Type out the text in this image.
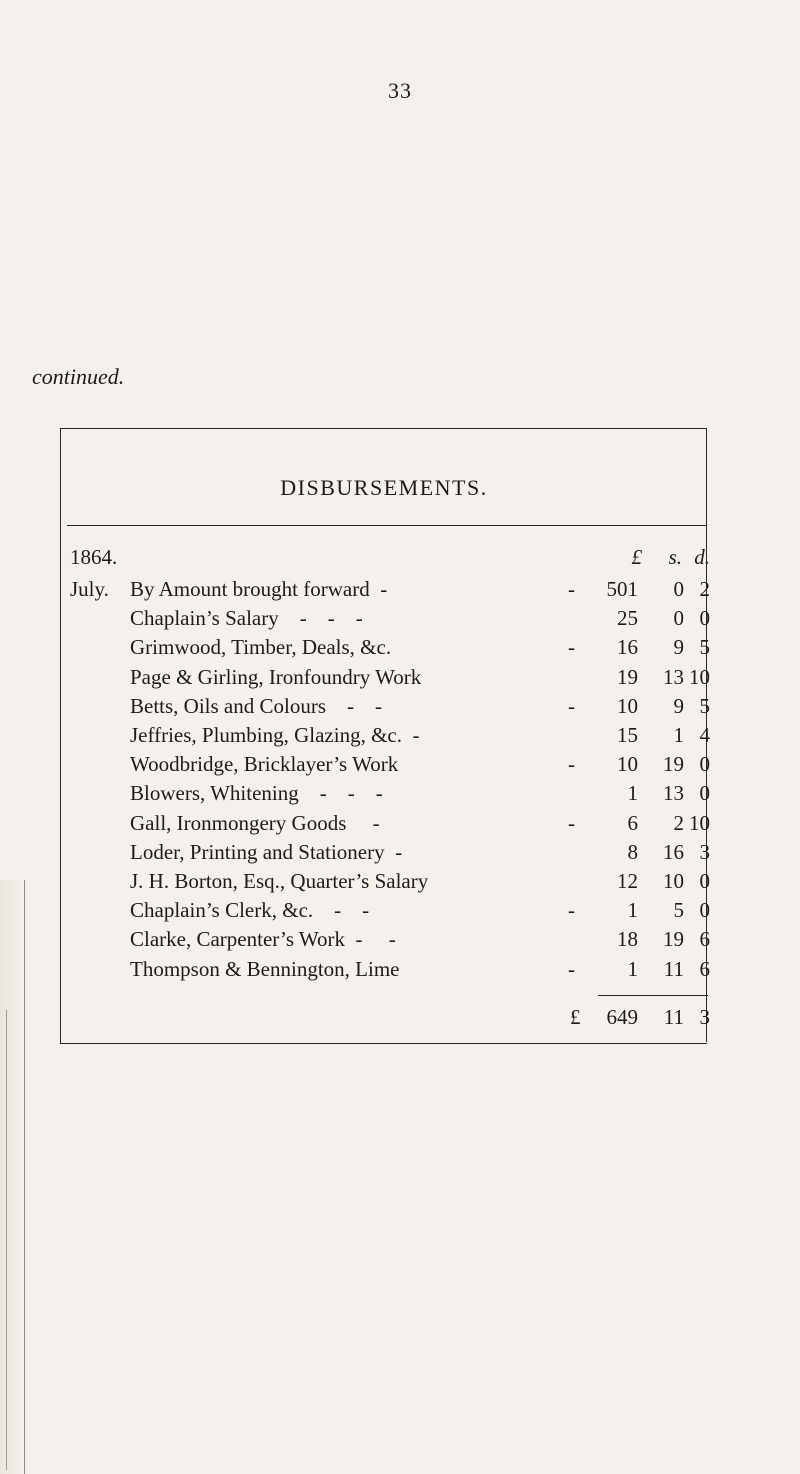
33
continued.
DISBURSEMENTS.
1864.	£	s. d.
July. By Amount brought forward  -	-	501	0 2
Chaplain’s Salary    -    -    -	25	0 0
Grimwood, Timber, Deals, &c.	-	16	9 5
Page & Girling, Ironfoundry Work	19	13 10
Betts, Oils and Colours    -    -	-	10	9 5
Jeffries, Plumbing, Glazing, &c.  -	15	1 4
Woodbridge, Bricklayer’s Work	-	10	19 0
Blowers, Whitening    -    -    -	1	13 0
Gall, Ironmongery Goods     -	-	6	2 10
Loder, Printing and Stationery  -	8	16 3
J. H. Borton, Esq., Quarter’s Salary	12	10 0
Chaplain’s Clerk, &c.    -    -	-	1	5 0
Clarke, Carpenter’s Work  -     -	18	19 6
Thompson & Bennington, Lime	-	1	11 6
£	649	11 3
